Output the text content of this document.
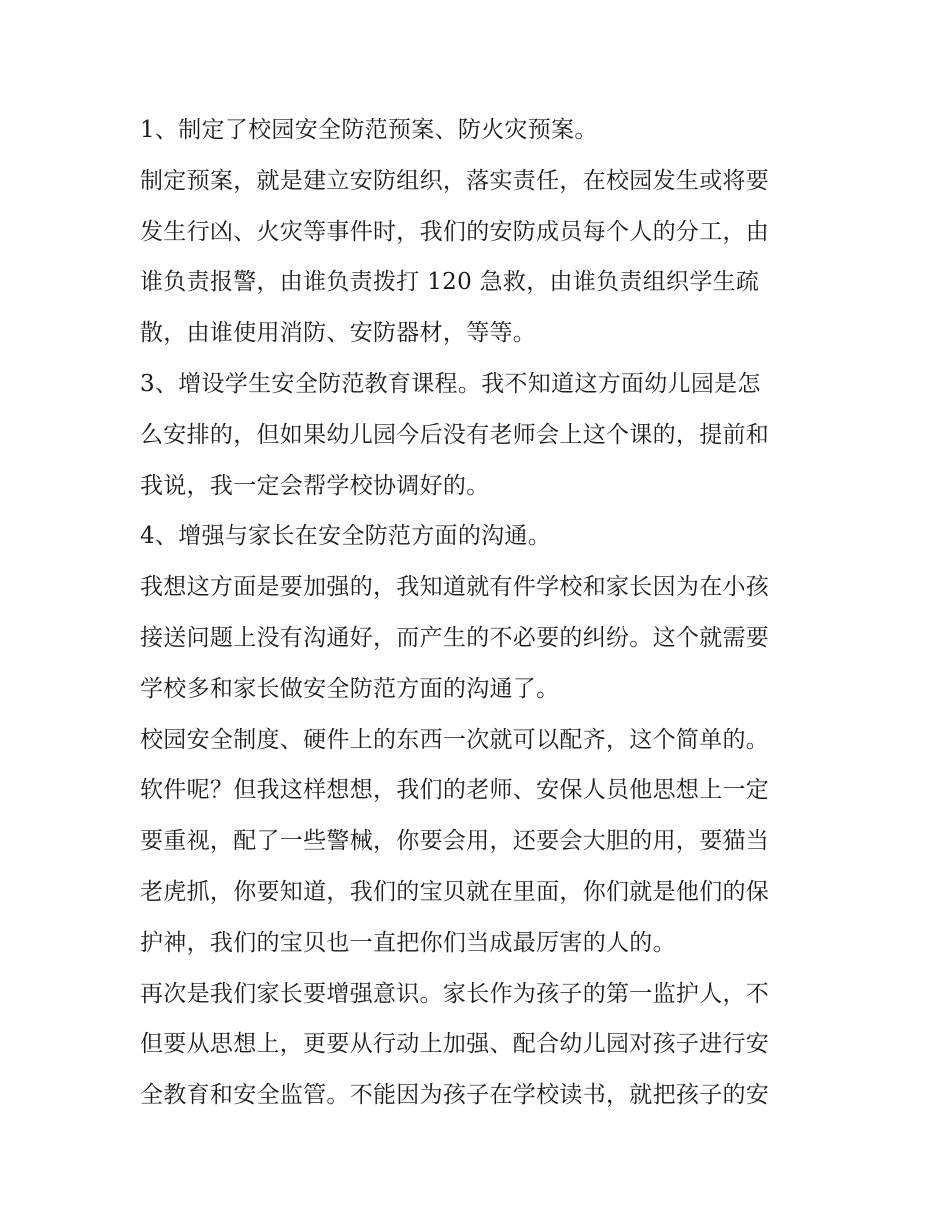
1、制定了校园安全防范预案、防火灾预案。
制定预案，就是建立安防组织，落实责任，在校园发生或将要
发生行凶、火灾等事件时，我们的安防成员每个人的分工，由
谁负责报警，由谁负责拨打 120 急救，由谁负责组织学生疏
散，由谁使用消防、安防器材，等等。
3、增设学生安全防范教育课程。我不知道这方面幼儿园是怎
么安排的，但如果幼儿园今后没有老师会上这个课的，提前和
我说，我一定会帮学校协调好的。
4、增强与家长在安全防范方面的沟通。
我想这方面是要加强的，我知道就有件学校和家长因为在小孩
接送问题上没有沟通好，而产生的不必要的纠纷。这个就需要
学校多和家长做安全防范方面的沟通了。
校园安全制度、硬件上的东西一次就可以配齐，这个简单的。
软件呢？但我这样想想，我们的老师、安保人员他思想上一定
要重视，配了一些警械，你要会用，还要会大胆的用，要猫当
老虎抓，你要知道，我们的宝贝就在里面，你们就是他们的保
护神，我们的宝贝也一直把你们当成最厉害的人的。
再次是我们家长要增强意识。家长作为孩子的第一监护人，不
但要从思想上，更要从行动上加强、配合幼儿园对孩子进行安
全教育和安全监管。不能因为孩子在学校读书，就把孩子的安
